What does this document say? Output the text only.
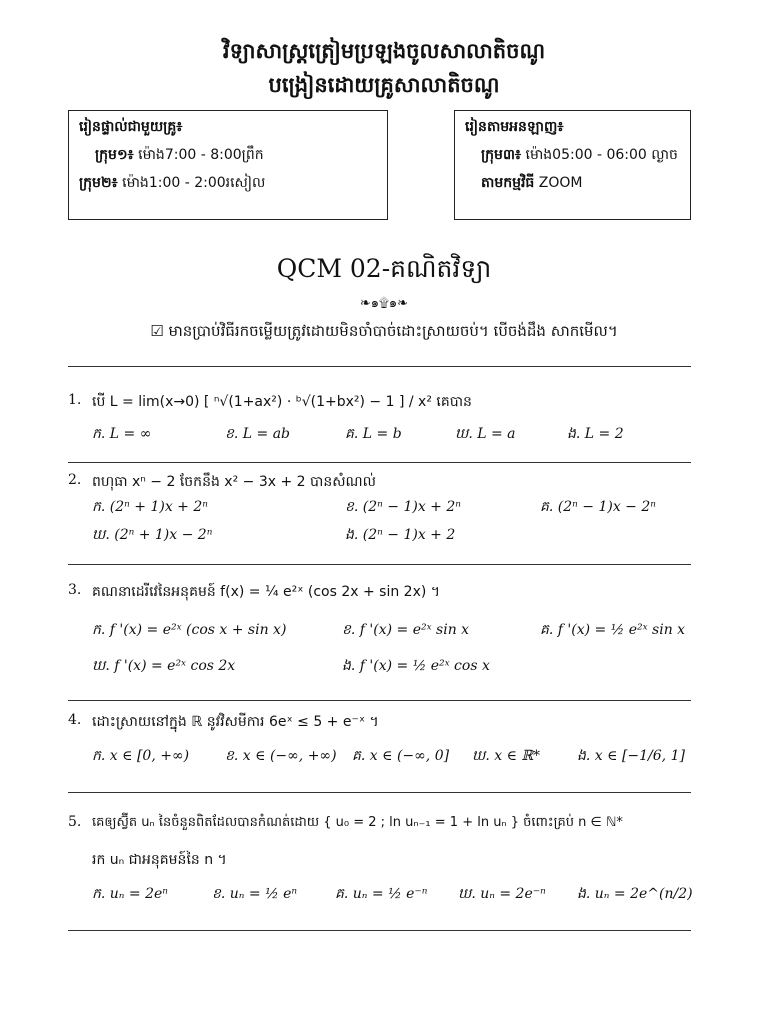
វិទ្យាសាស្ត្រត្រៀមប្រឡងចូលសាលាតិចណូ
បង្រៀនដោយគ្រូសាលាតិចណូ
រៀនផ្ទាល់ជាមួយគ្រូ៖
ក្រុម១៖ ម៉ោង7:00 - 8:00ព្រឹក
ក្រុម២៖ ម៉ោង1:00 - 2:00រសៀល
រៀនតាមអនឡាញ៖
ក្រុម៣៖ ម៉ោង05:00 - 06:00 ល្ងាច
តាមកម្មវិធី ZOOM
QCM 02-គណិតវិទ្យា
❧๑۩๑❧
☑ មានប្រាប់វិធីរកចម្លើយត្រូវដោយមិនចាំបាច់ដោះស្រាយចប់។ បើចង់ដឹង សាកមើល។
1. បើ L = lim(x→0) [ ⁿ√(1+ax²) · ᵇ√(1+bx²) − 1 ] / x² គេបាន
ក. L = ∞	ខ. L = ab	គ. L = b	ឃ. L = a	ង. L = 2
2. ពហុធា xⁿ − 2 ចែកនឹង x² − 3x + 2 បានសំណល់
ក. (2ⁿ + 1)x + 2ⁿ	ខ. (2ⁿ − 1)x + 2ⁿ	គ. (2ⁿ − 1)x − 2ⁿ
ឃ. (2ⁿ + 1)x − 2ⁿ	ង. (2ⁿ − 1)x + 2
3. គណនាដេរីវេនៃអនុគមន៍ f(x) = ¼ e²ˣ (cos 2x + sin 2x) ។
ក. f '(x) = e²ˣ (cos x + sin x)	ខ. f '(x) = e²ˣ sin x	គ. f '(x) = ½ e²ˣ sin x
ឃ. f '(x) = e²ˣ cos 2x	ង. f '(x) = ½ e²ˣ cos x
4. ដោះស្រាយនៅក្នុង ℝ នូវវិសមីការ 6eˣ ≤ 5 + e⁻ˣ ។
ក. x ∈ [0, +∞)	ខ. x ∈ (−∞, +∞) គ. x ∈ (−∞, 0] ឃ. x ∈ ℝ*	ង. x ∈ [−1/6, 1]
5. គេឲ្យស្វ៊ីត uₙ នៃចំនួនពិតដែលបានកំណត់ដោយ { u₀ = 2 ; ln uₙ₋₁ = 1 + ln uₙ } ចំពោះគ្រប់ n ∈ ℕ*
រក uₙ ជាអនុគមន៍នៃ n ។
ក. uₙ = 2eⁿ	ខ. uₙ = ½ eⁿ	គ. uₙ = ½ e⁻ⁿ ឃ. uₙ = 2e⁻ⁿ ង. uₙ = 2e^(n/2)
